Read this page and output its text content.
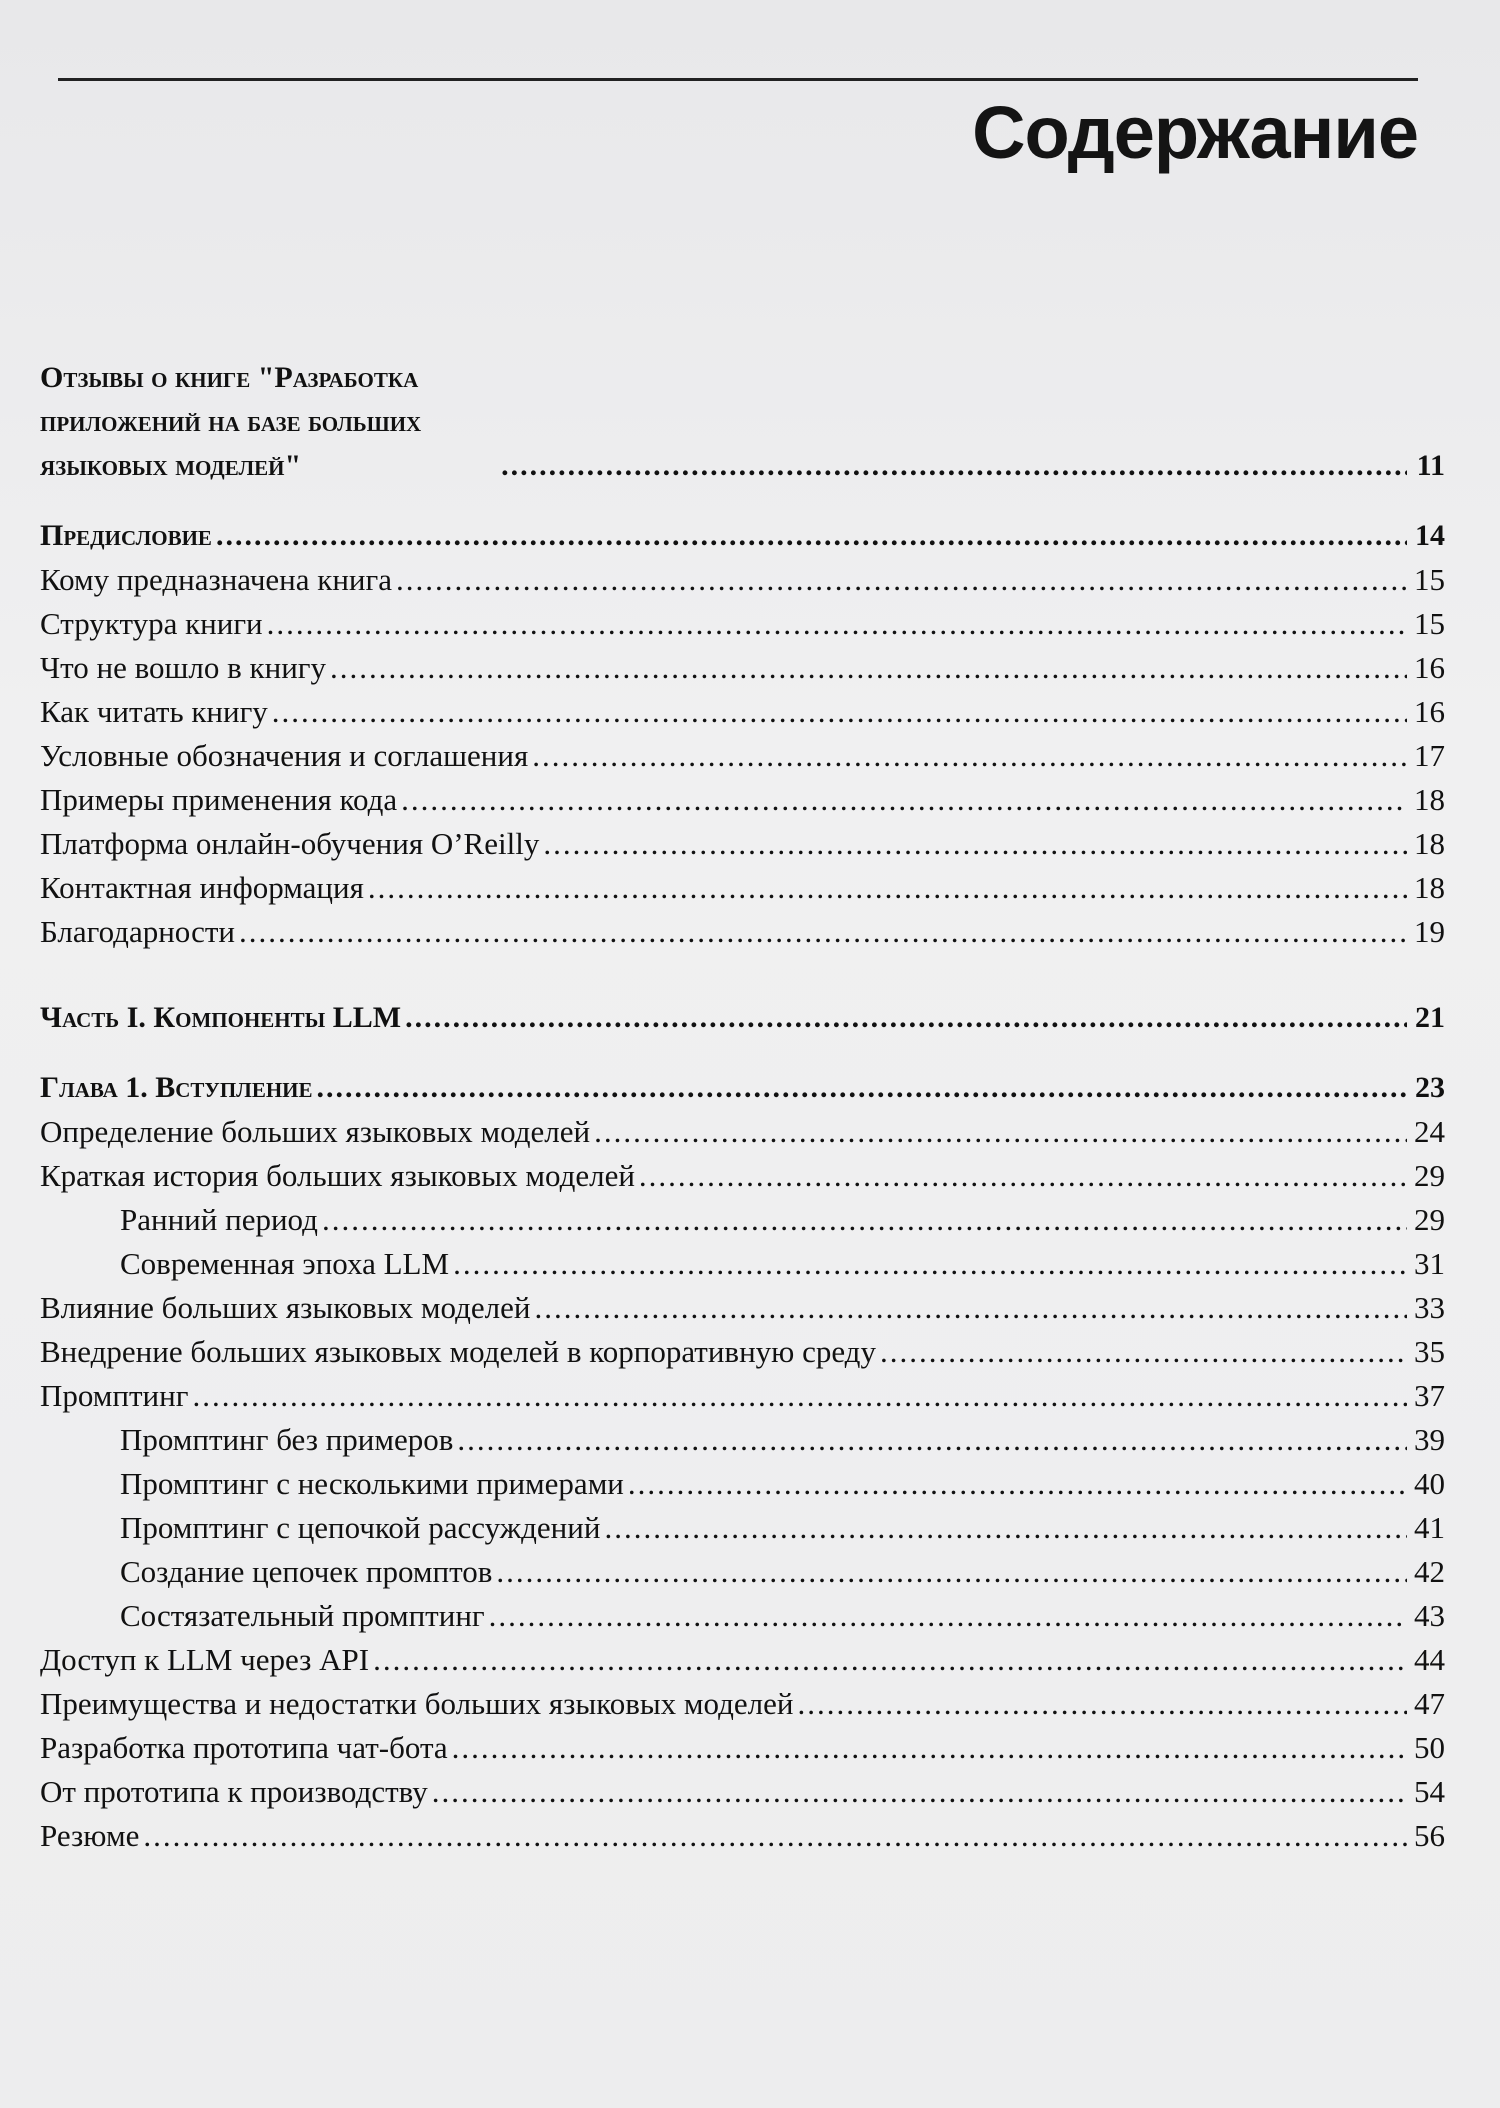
Содержание
Отзывы о книге "Разработка приложений на базе больших языковых моделей" .....	11
Предисловие .....	14
Кому предназначена книга .....	15
Структура книги .....	15
Что не вошло в книгу .....	16
Как читать книгу .....	16
Условные обозначения и соглашения .....	17
Примеры применения кода .....	18
Платформа онлайн-обучения O’Reilly .....	18
Контактная информация .....	18
Благодарности .....	19
Часть I. Компоненты LLM .....	21
Глава 1. Вступление .....	23
Определение больших языковых моделей .....	24
Краткая история больших языковых моделей .....	29
Ранний период .....	29
Современная эпоха LLM .....	31
Влияние больших языковых моделей .....	33
Внедрение больших языковых моделей в корпоративную среду .....	35
Промптинг .....	37
Промптинг без примеров .....	39
Промптинг с несколькими примерами .....	40
Промптинг с цепочкой рассуждений .....	41
Создание цепочек промптов .....	42
Состязательный промптинг .....	43
Доступ к LLM через API .....	44
Преимущества и недостатки больших языковых моделей .....	47
Разработка прототипа чат-бота .....	50
От прототипа к производству .....	54
Резюме .....	56
